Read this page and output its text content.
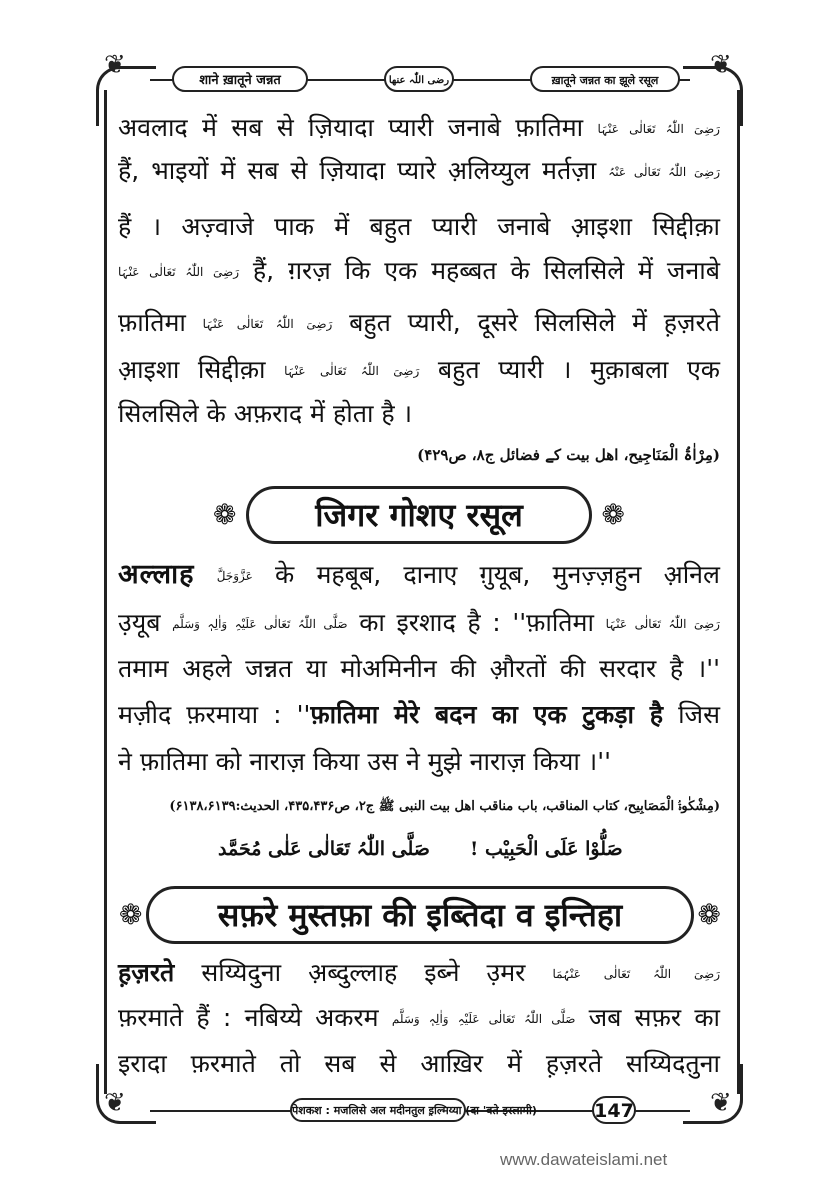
❦	❦
❦	❦
शाने ख़ातूने जन्नत	رضی اللّٰہ عنھا	ख़ातूने जन्नत का झूले रसूल
अवलाद में सब से ज़ियादा प्यारी जनाबे फ़ातिमा رَضِیَ اللّٰہُ تَعَالٰی عَنْہَا
हैं, भाइयों में सब से ज़ियादा प्यारे अ़लिय्युल मर्तज़ा رَضِیَ اللّٰہُ تَعَالٰی عَنْہُ
हैं । अज़्वाजे पाक में बहुत प्यारी जनाबे आ़इशा सिद्दीक़ा
رَضِیَ اللّٰہُ تَعَالٰی عَنْہَا हैं, ग़रज़ कि एक महब्बत के सिलसिले में जनाबे
फ़ातिमा رَضِیَ اللّٰہُ تَعَالٰی عَنْہَا बहुत प्यारी, दूसरे सिलसिले में ह़ज़रते
आ़इशा सिद्दीक़ा رَضِیَ اللّٰہُ تَعَالٰی عَنْہَا बहुत प्यारी । मुक़ाबला एक
सिलसिले के अफ़राद में होता है ।
(مِرْاٰۃُ الْمَنَاجِیح، اھل بیت کے فضائل ج۸، ص۴۲۹)
❁ जिगर गोशए रसूल	❁
अल्लाह عَزَّوَجَلَّ के महबूब, दानाए ग़ुयूब, मुनज़्ज़हुन अ़निल
उ़यूब صَلَّی اللّٰہُ تَعَالٰی عَلَیْہِ وَاٰلِہٖ وَسَلَّم का इरशाद है : ''फ़ातिमा رَضِیَ اللّٰہُ تَعَالٰی عَنْہَا
तमाम अहले जन्नत या मोअमिनीन की औ़रतों की सरदार है ।''
मज़ीद फ़रमाया : ''फ़ातिमा मेरे बदन का एक टुकड़ा है जिस
ने फ़ातिमा को नाराज़ किया उस ने मुझे नाराज़ किया ।''
(مِشْکٰوۃُ الْمَصَابِیح، کتاب المناقب، باب مناقب اھل بیت النبی ﷺ ج۲، ص۴۳۵،۴۳۶، الحدیث:۶۱۳۸،۶۱۳۹)
صَلُّوْا عَلَی الْحَبِیْب !
صَلَّی اللّٰہُ تَعَالٰی عَلٰی مُحَمَّد
❁ सफ़रे मुस्तफ़ा की इब्तिदा व इन्तिहा	❁
ह़ज़रते सय्यिदुना अ़ब्दुल्लाह इब्ने उ़मर رَضِیَ اللّٰہُ تَعَالٰی عَنْہُمَا
फ़रमाते हैं : नबिय्ये अकरम صَلَّی اللّٰہُ تَعَالٰی عَلَیْہِ وَاٰلِہٖ وَسَلَّم जब सफ़र का
इरादा फ़रमाते तो सब से आख़िर में ह़ज़रते सय्यिदतुना
पेशकश : मजलिसे अल मदीनतुल इ़ल्मिय्या (दा 'वते इस्लामी)	147
www.dawateislami.net
